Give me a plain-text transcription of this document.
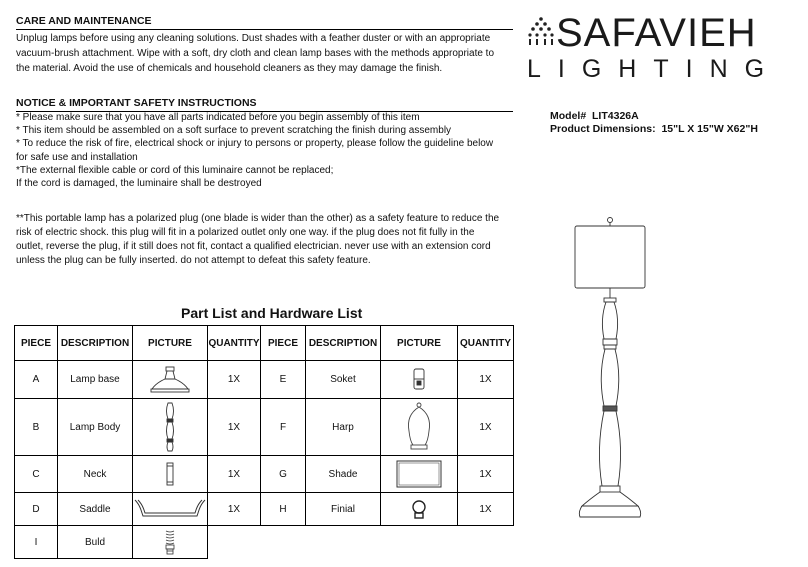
CARE AND MAINTENANCE
Unplug lamps before using any cleaning solutions. Dust shades with a feather duster or with an appropriate
vacuum-brush attachment. Wipe with a soft, dry cloth and clean lamp bases with the methods appropriate to
the material. Avoid the use of chemicals and household cleaners as they may damage the finish.
NOTICE & IMPORTANT SAFETY INSTRUCTIONS
* Please make sure that you have all parts indicated before you begin assembly of this item
* This item should be assembled on a soft surface to prevent scratching the finish during assembly
* To reduce the risk of fire, electrical shock or injury to persons or property, please follow the guideline below
for safe use and installation
*The external flexible cable or cord of this luminaire cannot be replaced;
If the cord is damaged, the luminaire shall be destroyed
**This portable lamp has a polarized plug (one blade is wider than the other) as a safety feature to reduce the
risk of electric shock. this plug will fit in a polarized outlet only one way. if the plug does not fit fully in the
outlet, reverse the plug, if it still does not fit, contact a qualified electrician. never use with an extension cord
unless the plug can be fully inserted. do not attempt to defeat this safety feature.
SAFAVIEH
LIGHTING
Model# LIT4326A
Product Dimensions: 15"L X 15"W X62"H
Part List and Hardware List
PIECE	DESCRIPTION	PICTURE	QUANTITY	PIECE	DESCRIPTION	PICTURE	QUANTITY
A	Lamp base		1X	E	Soket		1X
B	Lamp Body		1X	F	Harp		1X
C	Neck		1X	G	Shade		1X
D	Saddle		1X	H	Finial		1X
I	Buld	
